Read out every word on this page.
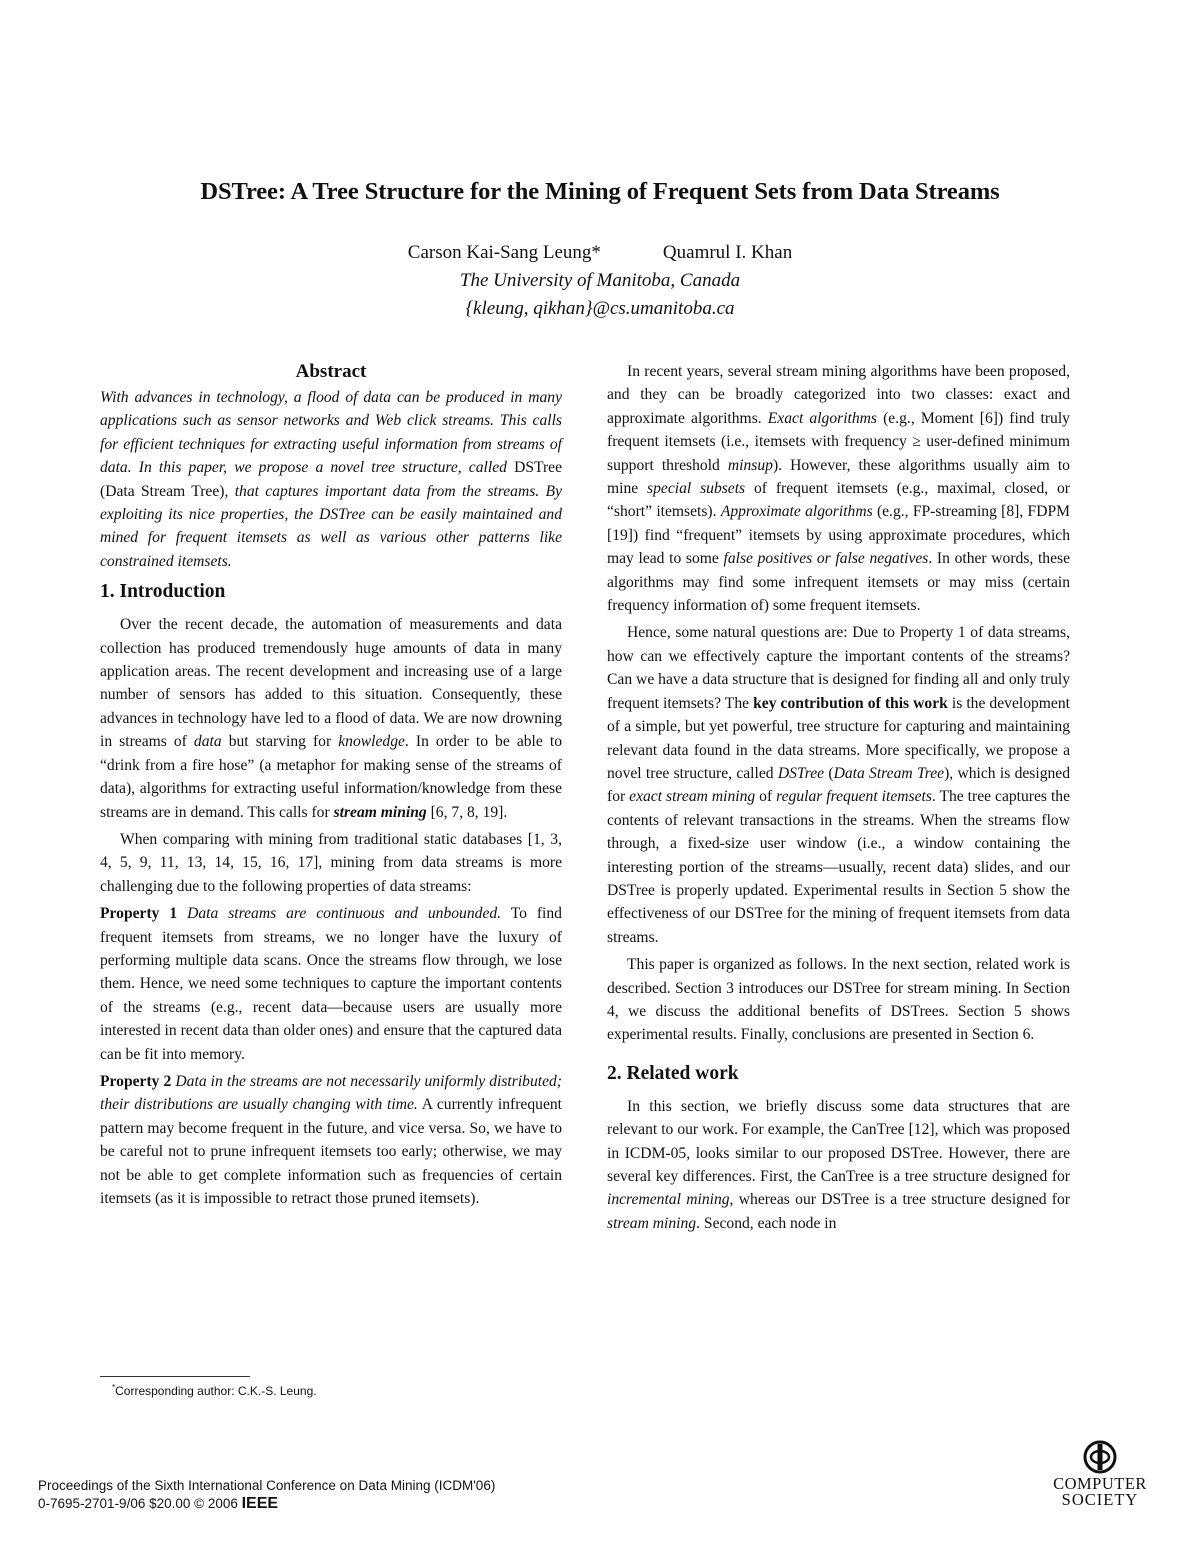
DSTree: A Tree Structure for the Mining of Frequent Sets from Data Streams
Carson Kai-Sang Leung*	Quamrul I. Khan
The University of Manitoba, Canada
{kleung, qikhan}@cs.umanitoba.ca
Abstract

With advances in technology, a flood of data can be produced in many applications such as sensor networks and Web click streams. This calls for efficient techniques for extracting useful information from streams of data. In this paper, we propose a novel tree structure, called DSTree (Data Stream Tree), that captures important data from the streams. By exploiting its nice properties, the DSTree can be easily maintained and mined for frequent itemsets as well as various other patterns like constrained itemsets.

1. Introduction

Over the recent decade, the automation of measurements and data collection has produced tremendously huge amounts of data in many application areas. The recent development and increasing use of a large number of sensors has added to this situation. Consequently, these advances in technology have led to a flood of data. We are now drowning in streams of data but starving for knowledge. In order to be able to “drink from a fire hose” (a metaphor for making sense of the streams of data), algorithms for extracting useful information/knowledge from these streams are in demand. This calls for stream mining [6, 7, 8, 19].

When comparing with mining from traditional static databases [1, 3, 4, 5, 9, 11, 13, 14, 15, 16, 17], mining from data streams is more challenging due to the following properties of data streams:

Property 1 Data streams are continuous and unbounded. To find frequent itemsets from streams, we no longer have the luxury of performing multiple data scans. Once the streams flow through, we lose them. Hence, we need some techniques to capture the important contents of the streams (e.g., recent data—because users are usually more interested in recent data than older ones) and ensure that the captured data can be fit into memory.

Property 2 Data in the streams are not necessarily uniformly distributed; their distributions are usually changing with time. A currently infrequent pattern may become frequent in the future, and vice versa. So, we have to be careful not to prune infrequent itemsets too early; otherwise, we may not be able to get complete information such as frequencies of certain itemsets (as it is impossible to retract those pruned itemsets).

In recent years, several stream mining algorithms have been proposed, and they can be broadly categorized into two classes: exact and approximate algorithms. Exact algorithms (e.g., Moment [6]) find truly frequent itemsets (i.e., itemsets with frequency ≥ user-defined minimum support threshold minsup). However, these algorithms usually aim to mine special subsets of frequent itemsets (e.g., maximal, closed, or “short” itemsets). Approximate algorithms (e.g., FP-streaming [8], FDPM [19]) find “frequent” itemsets by using approximate procedures, which may lead to some false positives or false negatives. In other words, these algorithms may find some infrequent itemsets or may miss (certain frequency information of) some frequent itemsets.

Hence, some natural questions are: Due to Property 1 of data streams, how can we effectively capture the important contents of the streams? Can we have a data structure that is designed for finding all and only truly frequent itemsets? The key contribution of this work is the development of a simple, but yet powerful, tree structure for capturing and maintaining relevant data found in the data streams. More specifically, we propose a novel tree structure, called DSTree (Data Stream Tree), which is designed for exact stream mining of regular frequent itemsets. The tree captures the contents of relevant transactions in the streams. When the streams flow through, a fixed-size user window (i.e., a window containing the interesting portion of the streams—usually, recent data) slides, and our DSTree is properly updated. Experimental results in Section 5 show the effectiveness of our DSTree for the mining of frequent itemsets from data streams.

This paper is organized as follows. In the next section, related work is described. Section 3 introduces our DSTree for stream mining. In Section 4, we discuss the additional benefits of DSTrees. Section 5 shows experimental results. Finally, conclusions are presented in Section 6.

2. Related work

In this section, we briefly discuss some data structures that are relevant to our work. For example, the CanTree [12], which was proposed in ICDM-05, looks similar to our proposed DSTree. However, there are several key differences. First, the CanTree is a tree structure designed for incremental mining, whereas our DSTree is a tree structure designed for stream mining. Second, each node in

*Corresponding author: C.K.-S. Leung.
Proceedings of the Sixth International Conference on Data Mining (ICDM'06)
0-7695-2701-9/06 $20.00 © 2006 IEEE
COMPUTER
SOCIETY
